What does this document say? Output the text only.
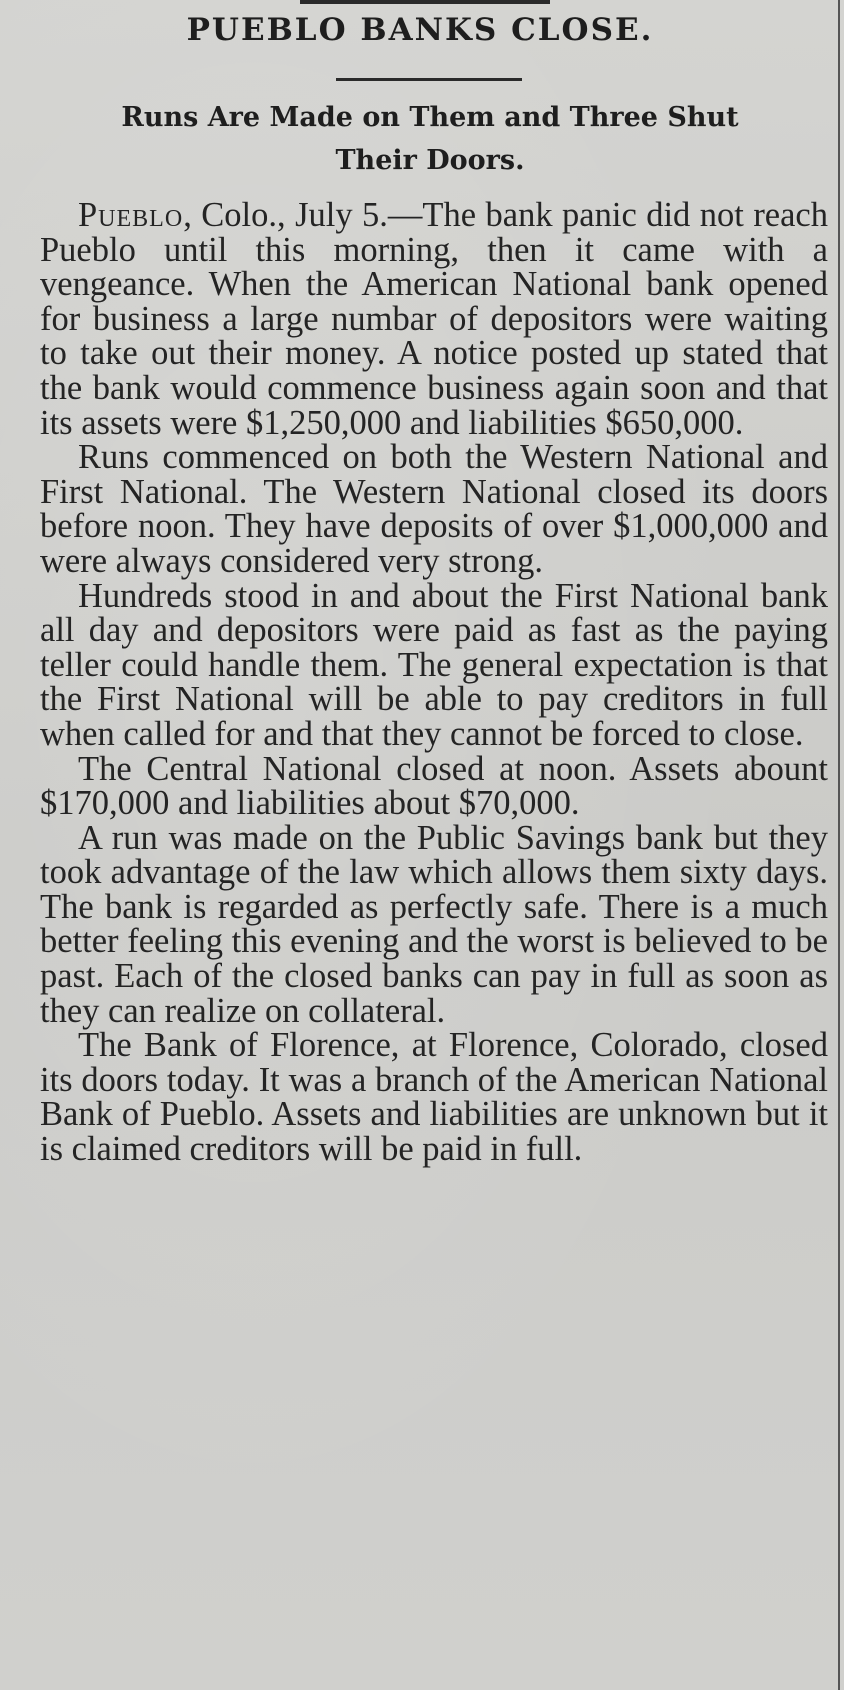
PUEBLO BANKS CLOSE.
Runs Are Made on Them and Three Shut
Their Doors.

Pueblo, Colo., July 5.—The bank panic did not reach Pueblo until this morning, then it came with a vengeance. When the American National bank opened for business a large numbar of depositors were waiting to take out their money. A notice posted up stated that the bank would commence business again soon and that its assets were $1,250,000 and liabilities $650,000.

Runs commenced on both the Western National and First National. The Western National closed its doors before noon. They have deposits of over $1,000,000 and were always considered very strong.

Hundreds stood in and about the First National bank all day and depositors were paid as fast as the paying teller could handle them. The general expectation is that the First National will be able to pay creditors in full when called for and that they cannot be forced to close.

The Central National closed at noon. Assets abount $170,000 and liabilities about $70,000.

A run was made on the Public Savings bank but they took advantage of the law which allows them sixty days. The bank is regarded as perfectly safe. There is a much better feeling this evening and the worst is believed to be past. Each of the closed banks can pay in full as soon as they can realize on collateral.

The Bank of Florence, at Florence, Colorado, closed its doors today. It was a branch of the American National Bank of Pueblo. Assets and liabilities are unknown but it is claimed creditors will be paid in full.
